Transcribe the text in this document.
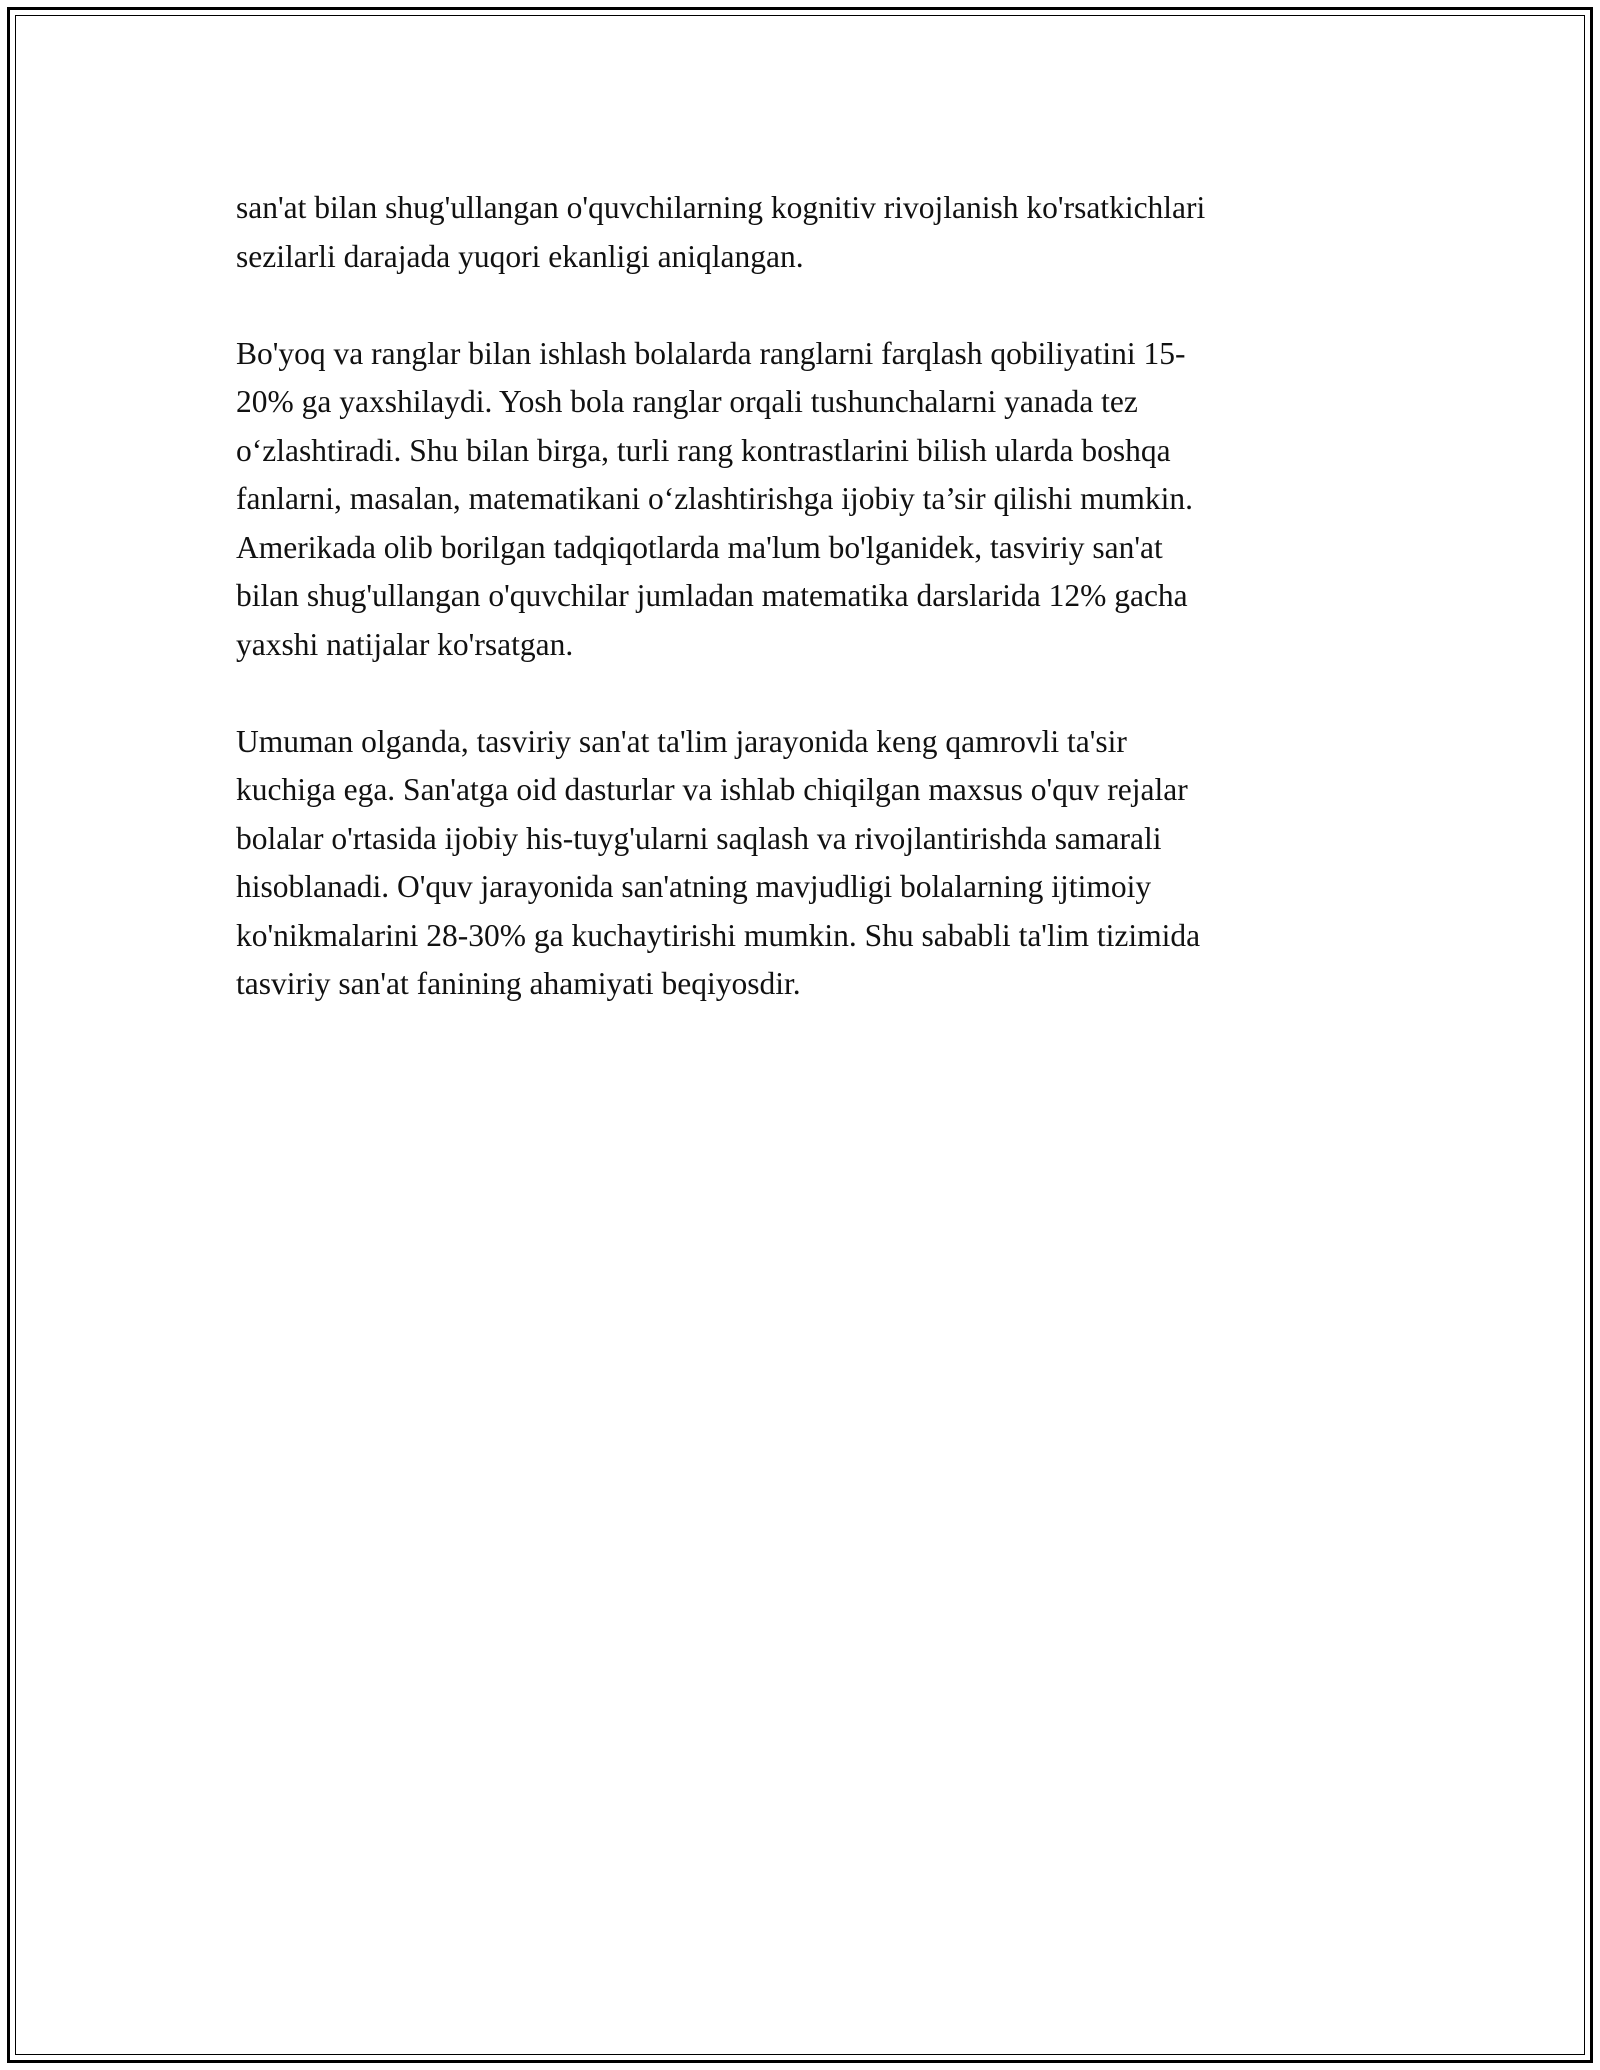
san'at bilan shug'ullangan o'quvchilarning kognitiv rivojlanish ko'rsatkichlari
sezilarli darajada yuqori ekanligi aniqlangan.

Bo'yoq va ranglar bilan ishlash bolalarda ranglarni farqlash qobiliyatini 15-
20% ga yaxshilaydi. Yosh bola ranglar orqali tushunchalarni yanada tez
o‘zlashtiradi. Shu bilan birga, turli rang kontrastlarini bilish ularda boshqa
fanlarni, masalan, matematikani o‘zlashtirishga ijobiy ta’sir qilishi mumkin.
Amerikada olib borilgan tadqiqotlarda ma'lum bo'lganidek, tasviriy san'at
bilan shug'ullangan o'quvchilar jumladan matematika darslarida 12% gacha
yaxshi natijalar ko'rsatgan.

Umuman olganda, tasviriy san'at ta'lim jarayonida keng qamrovli ta'sir
kuchiga ega. San'atga oid dasturlar va ishlab chiqilgan maxsus o'quv rejalar
bolalar o'rtasida ijobiy his-tuyg'ularni saqlash va rivojlantirishda samarali
hisoblanadi. O'quv jarayonida san'atning mavjudligi bolalarning ijtimoiy
ko'nikmalarini 28-30% ga kuchaytirishi mumkin. Shu sababli ta'lim tizimida
tasviriy san'at fanining ahamiyati beqiyosdir.
